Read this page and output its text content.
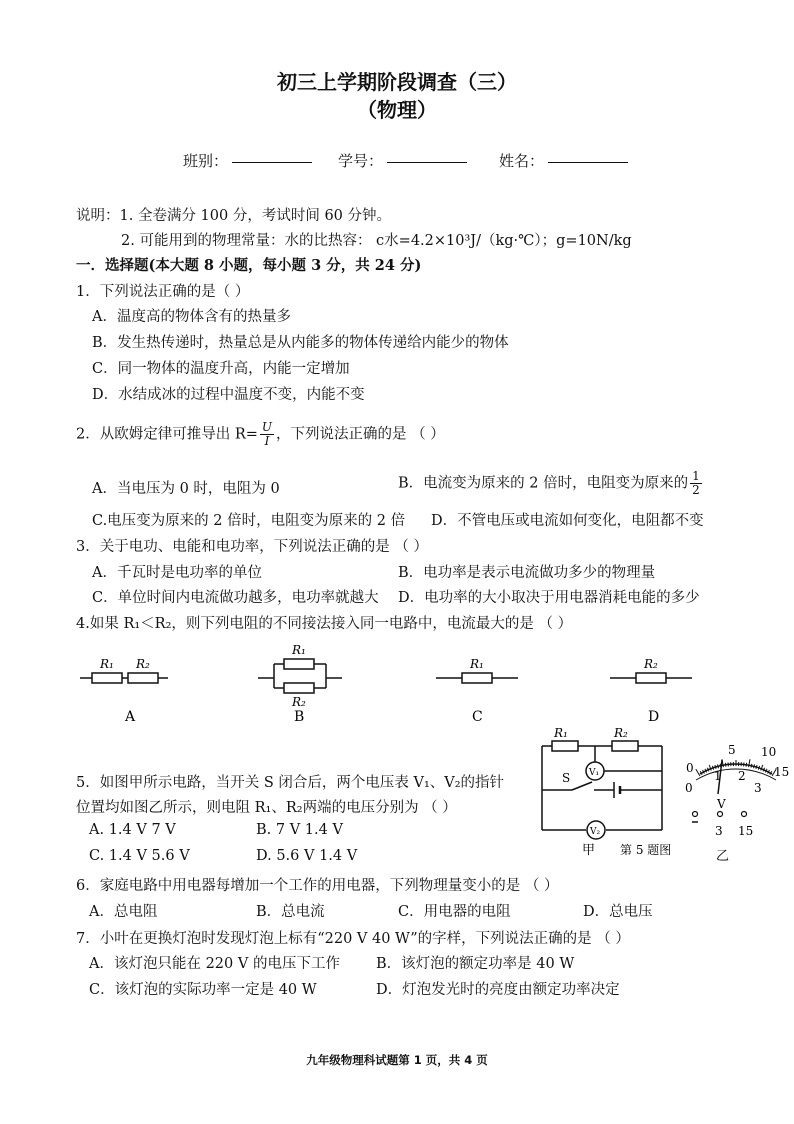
初三上学期阶段调查（三）
（物理）
班别：	学号：	姓名：
说明：1. 全卷满分 100 分，考试时间 60 分钟。
2. 可能用到的物理常量：水的比热容： c水=4.2×10³J/（kg·℃）；g=10N/kg
一．选择题(本大题 8 小题，每小题 3 分，共 24 分)
1．下列说法正确的是（ ）
A．温度高的物体含有的热量多
B．发生热传递时，热量总是从内能多的物体传递给内能少的物体
C．同一物体的温度升高，内能一定增加
D．水结成冰的过程中温度不变，内能不变
2．从欧姆定律可推导出 $R= \frac{U}{I}$ ，下列说法正确的是 （ ）
A．当电压为 0 时，电阻为 0	B．电流变为原来的 2 倍时，电阻变为原来的 $\frac{1}{2}$
C.电压变为原来的 2 倍时，电阻变为原来的 2 倍 D．不管电压或电流如何变化，电阻都不变
3．关于电功、电能和电功率，下列说法正确的是 （ ）
A．千瓦时是电功率的单位	B．电功率是表示电流做功多少的物理量
C．单位时间内电流做功越多，电功率就越大 D．电功率的大小取决于用电器消耗电能的多少
4.如果 R₁＜R₂，则下列电阻的不同接法接入同一电路中，电流最大的是 （ ）
R₁ R₂
A
R₁
R₂
B
R₁
C
R₂
D
5．如图甲所示电路，当开关 S 闭合后，两个电压表 V₁、V₂的指针
位置均如图乙所示，则电阻 R₁、R₂两端的电压分别为 （ ）
A. 1.4 V 7 V	B. 7 V 1.4 V
C. 1.4 V 5.6 V	D. 5.6 V 1.4 V
R₁	R₂
V₁
S
V₂
甲 第 5 题图
0
5 10
15
0
1 2
3
V
3 15
乙
6．家庭电路中用电器每增加一个工作的用电器，下列物理量变小的是 （ ）
A．总电阻	B．总电流	C．用电器的电阻	D．总电压
7．小叶在更换灯泡时发现灯泡上标有“220 V 40 W”的字样，下列说法正确的是 （ ）
A．该灯泡只能在 220 V 的电压下工作 B．该灯泡的额定功率是 40 W
C．该灯泡的实际功率一定是 40 W	D．灯泡发光时的亮度由额定功率决定
九年级物理科试题第 1 页，共 4 页
